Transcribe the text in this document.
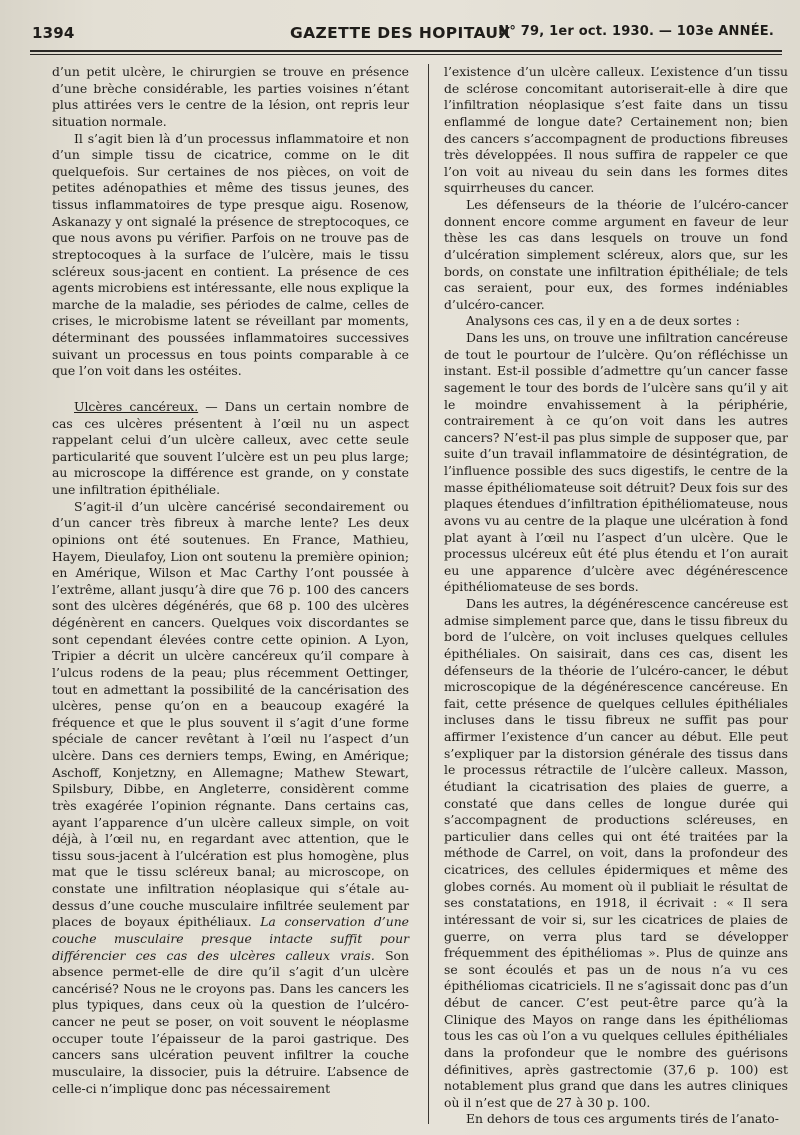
1394	GAZETTE DES HOPITAUX
N° 79, 1er oct. 1930. — 103e ANNÉE.

d’un petit ulcère, le chirurgien se trouve en présence d’une brèche considérable, les parties voisines n’étant plus attirées vers le centre de la lésion, ont repris leur situation normale.

Il s’agit bien là d’un processus inflammatoire et non d’un simple tissu de cicatrice, comme on le dit quelquefois. Sur certaines de nos pièces, on voit de petites adénopathies et même des tissus jeunes, des tissus inflammatoires de type presque aigu. Rosenow, Askanazy y ont signalé la présence de streptocoques, ce que nous avons pu vérifier. Parfois on ne trouve pas de streptocoques à la surface de l’ulcère, mais le tissu scléreux sous-jacent en contient. La présence de ces agents microbiens est intéressante, elle nous explique la marche de la maladie, ses périodes de calme, celles de crises, le microbisme latent se réveillant par moments, déterminant des poussées inflammatoires successives suivant un processus en tous points comparable à ce que l’on voit dans les ostéites.

Ulcères cancéreux. — Dans un certain nombre de cas ces ulcères présentent à l’œil nu un aspect rappelant celui d’un ulcère calleux, avec cette seule particularité que souvent l’ulcère est un peu plus large; au microscope la différence est grande, on y constate une infiltration épithéliale.

S’agit-il d’un ulcère cancérisé secondairement ou d’un cancer très fibreux à marche lente? Les deux opinions ont été soutenues. En France, Mathieu, Hayem, Dieulafoy, Lion ont soutenu la première opinion; en Amérique, Wilson et Mac Carthy l’ont poussée à l’extrême, allant jusqu’à dire que 76 p. 100 des cancers sont des ulcères dégénérés, que 68 p. 100 des ulcères dégénèrent en cancers. Quelques voix discordantes se sont cependant élevées contre cette opinion. A Lyon, Tripier a décrit un ulcère cancéreux qu’il compare à l’ulcus rodens de la peau; plus récemment Oettinger, tout en admettant la possibilité de la cancérisation des ulcères, pense qu’on en a beaucoup exagéré la fréquence et que le plus souvent il s’agit d’une forme spéciale de cancer revêtant à l’œil nu l’aspect d’un ulcère. Dans ces derniers temps, Ewing, en Amérique; Aschoff, Konjetzny, en Allemagne; Mathew Stewart, Spilsbury, Dibbe, en Angleterre, considèrent comme très exagérée l’opinion régnante. Dans certains cas, ayant l’apparence d’un ulcère calleux simple, on voit déjà, à l’œil nu, en regardant avec attention, que le tissu sous-jacent à l’ulcération est plus homogène, plus mat que le tissu scléreux banal; au microscope, on constate une infiltration néoplasique qui s’étale au-dessus d’une couche musculaire infiltrée seulement par places de boyaux épithéliaux. La conservation d’une couche musculaire presque intacte suffit pour différencier ces cas des ulcères calleux vrais. Son absence permet-elle de dire qu’il s’agit d’un ulcère cancérisé? Nous ne le croyons pas. Dans les cancers les plus typiques, dans ceux où la question de l’ulcéro-cancer ne peut se poser, on voit souvent le néoplasme occuper toute l’épaisseur de la paroi gastrique. Des cancers sans ulcération peuvent infiltrer la couche musculaire, la dissocier, puis la détruire. L’absence de celle-ci n’implique donc pas nécessairement

l’existence d’un ulcère calleux. L’existence d’un tissu de sclérose concomitant autoriserait-elle à dire que l’infiltration néoplasique s’est faite dans un tissu enflammé de longue date? Certainement non; bien des cancers s’accompagnent de productions fibreuses très développées. Il nous suffira de rappeler ce que l’on voit au niveau du sein dans les formes dites squirrheuses du cancer.

Les défenseurs de la théorie de l’ulcéro-cancer donnent encore comme argument en faveur de leur thèse les cas dans lesquels on trouve un fond d’ulcération simplement scléreux, alors que, sur les bords, on constate une infiltration épithéliale; de tels cas seraient, pour eux, des formes indéniables d’ulcéro-cancer.

Analysons ces cas, il y en a de deux sortes :

Dans les uns, on trouve une infiltration cancéreuse de tout le pourtour de l’ulcère. Qu’on réfléchisse un instant. Est-il possible d’admettre qu’un cancer fasse sagement le tour des bords de l’ulcère sans qu’il y ait le moindre envahissement à la périphérie, contrairement à ce qu’on voit dans les autres cancers? N’est-il pas plus simple de supposer que, par suite d’un travail inflammatoire de désintégration, de l’influence possible des sucs digestifs, le centre de la masse épithéliomateuse soit détruit? Deux fois sur des plaques étendues d’infiltration épithéliomateuse, nous avons vu au centre de la plaque une ulcération à fond plat ayant à l’œil nu l’aspect d’un ulcère. Que le processus ulcéreux eût été plus étendu et l’on aurait eu une apparence d’ulcère avec dégénérescence épithéliomateuse de ses bords.

Dans les autres, la dégénérescence cancéreuse est admise simplement parce que, dans le tissu fibreux du bord de l’ulcère, on voit incluses quelques cellules épithéliales. On saisirait, dans ces cas, disent les défenseurs de la théorie de l’ulcéro-cancer, le début microscopique de la dégénérescence cancéreuse. En fait, cette présence de quelques cellules épithéliales incluses dans le tissu fibreux ne suffit pas pour affirmer l’existence d’un cancer au début. Elle peut s’expliquer par la distorsion générale des tissus dans le processus rétractile de l’ulcère calleux. Masson, étudiant la cicatrisation des plaies de guerre, a constaté que dans celles de longue durée qui s’accompagnent de productions scléreuses, en particulier dans celles qui ont été traitées par la méthode de Carrel, on voit, dans la profondeur des cicatrices, des cellules épidermiques et même des globes cornés. Au moment où il publiait le résultat de ses constatations, en 1918, il écrivait : « Il sera intéressant de voir si, sur les cicatrices de plaies de guerre, on verra plus tard se développer fréquemment des épithéliomas ». Plus de quinze ans se sont écoulés et pas un de nous n’a vu ces épithéliomas cicatriciels. Il ne s’agissait donc pas d’un début de cancer. C’est peut-être parce qu’à la Clinique des Mayos on range dans les épithéliomas tous les cas où l’on a vu quelques cellules épithéliales dans la profondeur que le nombre des guérisons définitives, après gastrectomie (37,6 p. 100) est notablement plus grand que dans les autres cliniques où il n’est que de 27 à 30 p. 100.

En dehors de tous ces arguments tirés de l’anato-
